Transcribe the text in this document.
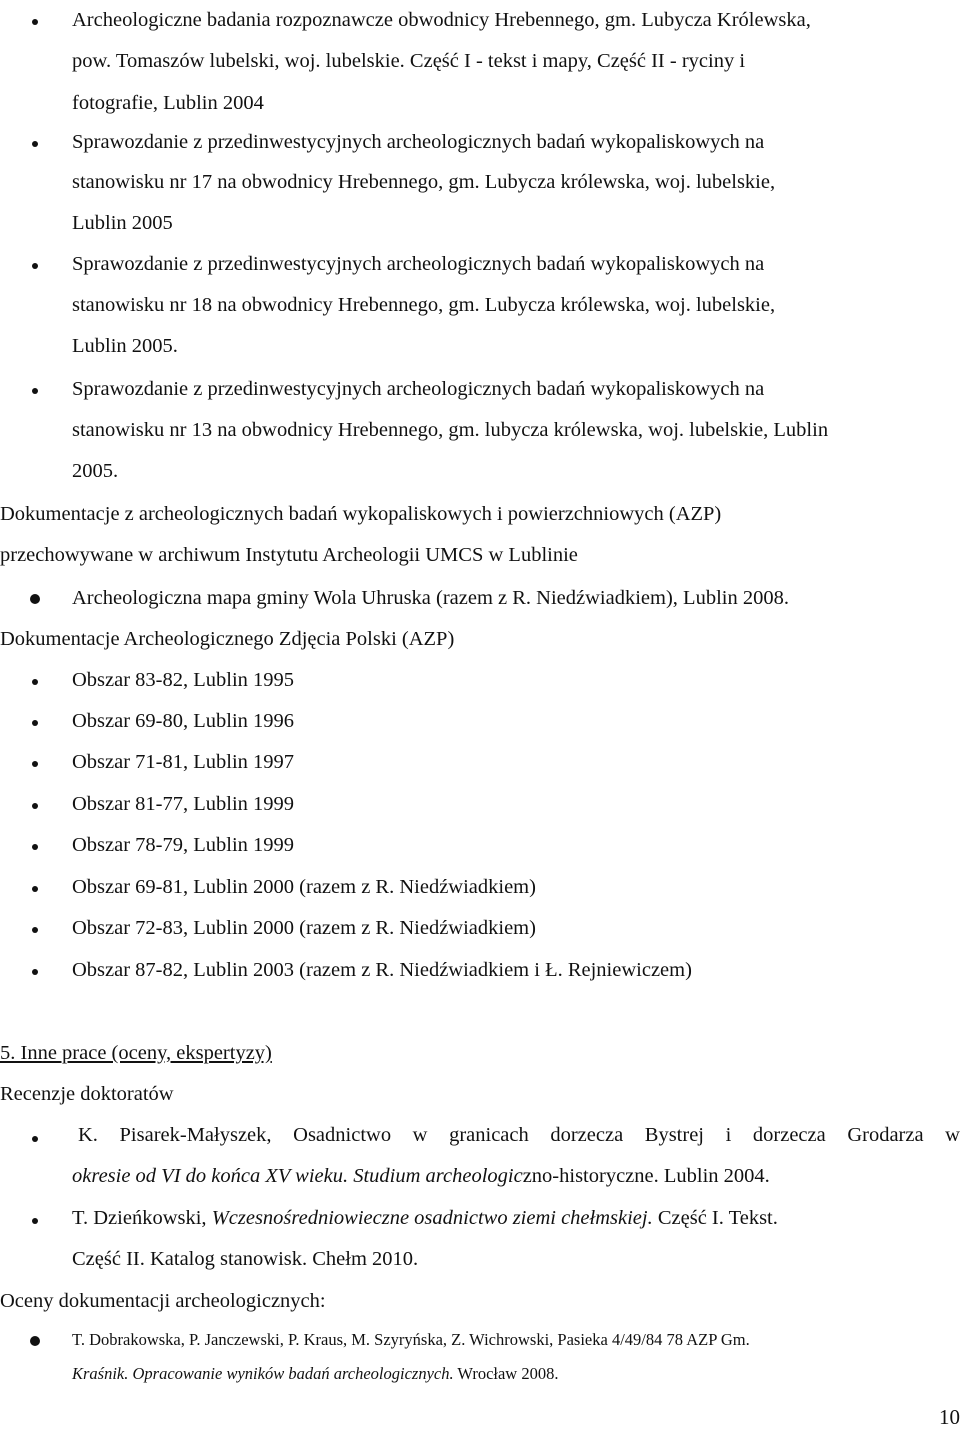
Archeologiczne badania rozpoznawcze obwodnicy Hrebennego, gm. Lubycza Królewska,
pow. Tomaszów lubelski, woj. lubelskie. Część I - tekst i mapy, Część II - ryciny i
fotografie, Lublin 2004
Sprawozdanie z przedinwestycyjnych archeologicznych badań wykopaliskowych na
stanowisku nr 17 na obwodnicy Hrebennego, gm. Lubycza królewska, woj. lubelskie,
Lublin 2005
Sprawozdanie z przedinwestycyjnych archeologicznych badań wykopaliskowych na
stanowisku nr 18 na obwodnicy Hrebennego, gm. Lubycza królewska, woj. lubelskie,
Lublin 2005.
Sprawozdanie z przedinwestycyjnych archeologicznych badań wykopaliskowych na
stanowisku nr 13 na obwodnicy Hrebennego, gm. lubycza królewska, woj. lubelskie, Lublin
2005.
Dokumentacje z archeologicznych badań wykopaliskowych i powierzchniowych (AZP)
przechowywane w archiwum Instytutu Archeologii UMCS w Lublinie
Archeologiczna mapa gminy Wola Uhruska (razem z R. Niedźwiadkiem), Lublin 2008.
Dokumentacje Archeologicznego Zdjęcia Polski (AZP)
Obszar 83-82, Lublin 1995
Obszar 69-80, Lublin 1996
Obszar 71-81, Lublin 1997
Obszar 81-77, Lublin 1999
Obszar 78-79, Lublin 1999
Obszar 69-81, Lublin 2000 (razem z R. Niedźwiadkiem)
Obszar 72-83, Lublin 2000 (razem z R. Niedźwiadkiem)
Obszar 87-82, Lublin 2003 (razem z R. Niedźwiadkiem i Ł. Rejniewiczem)
5. Inne prace (oceny, ekspertyzy)
Recenzje doktoratów
K. Pisarek-Małyszek, Osadnictwo w granicach dorzecza Bystrej i dorzecza Grodarza w
okresie od VI do końca XV wieku. Studium archeologiczno-historyczne. Lublin 2004.
T. Dzieńkowski, Wczesnośredniowieczne osadnictwo ziemi chełmskiej. Część I. Tekst.
Część II. Katalog stanowisk. Chełm 2010.
Oceny dokumentacji archeologicznych:
T. Dobrakowska, P. Janczewski, P. Kraus, M. Szyryńska, Z. Wichrowski, Pasieka 4/49/84 78 AZP Gm.
Kraśnik. Opracowanie wyników badań archeologicznych. Wrocław 2008.
10
